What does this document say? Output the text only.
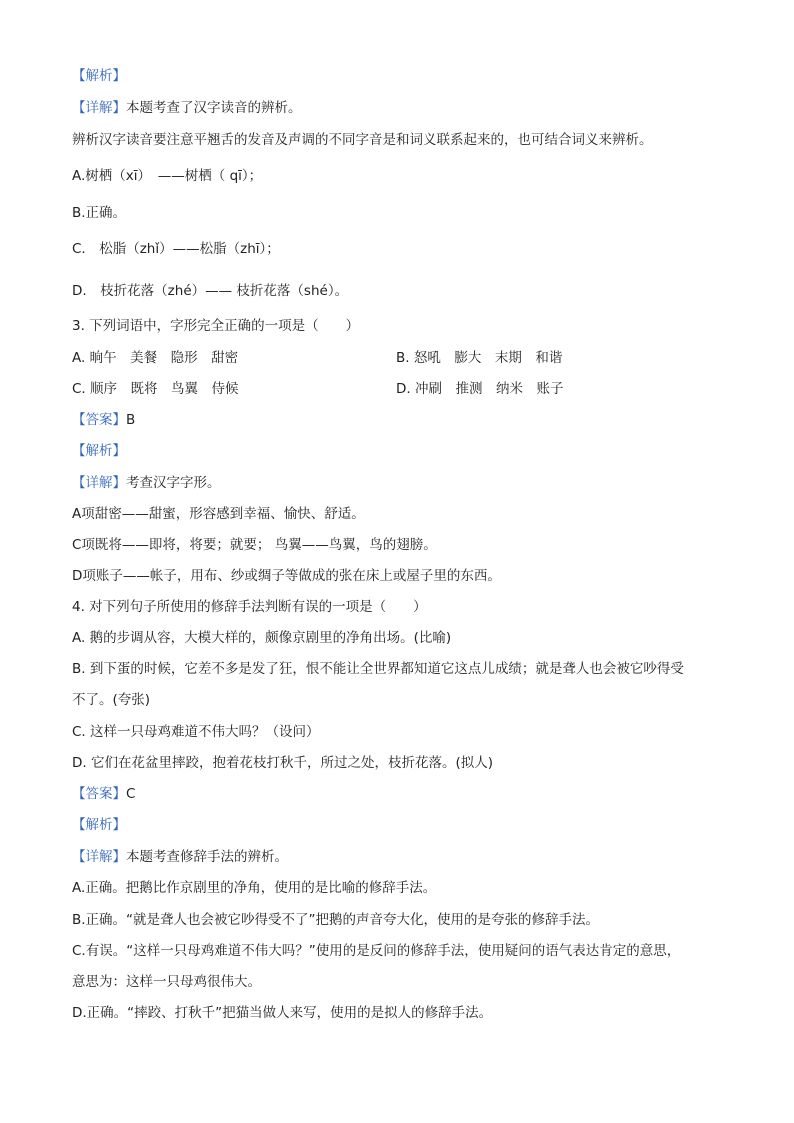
【解析】
【详解】本题考查了汉字读音的辨析。
辨析汉字读音要注意平翘舌的发音及声调的不同字音是和词义联系起来的，也可结合词义来辨析。
A.树栖（xī）　——树栖（ qī）；
B.正确。
C.　松脂（zhǐ）——松脂（zhī）；
D.　枝折花落（zhé）—— 枝折花落（shé）。
3. 下列词语中，字形完全正确的一项是（　　）
A. 晌午　美餐　隐形　甜密	B. 怒吼　膨大　末期　和谐
C. 顺序　既将　鸟翼　侍候	D. 冲刷　推测　纳米　账子
【答案】B
【解析】
【详解】考查汉字字形。
A项甜密——甜蜜，形容感到幸福、愉快、舒适。
C项既将——即将，将要；就要； 鸟翼——鸟翼，鸟的翅膀。
D项账子——帐子，用布、纱或绸子等做成的张在床上或屋子里的东西。
4. 对下列句子所使用的修辞手法判断有误的一项是（　　）
A. 鹅的步调从容，大模大样的，颇像京剧里的净角出场。(比喻)
B. 到下蛋的时候，它差不多是发了狂，恨不能让全世界都知道它这点儿成绩；就是聋人也会被它吵得受
不了。(夸张)
C. 这样一只母鸡难道不伟大吗？（设问）
D. 它们在花盆里摔跤，抱着花枝打秋千，所过之处，枝折花落。(拟人)
【答案】C
【解析】
【详解】本题考查修辞手法的辨析。
A.正确。把鹅比作京剧里的净角，使用的是比喻的修辞手法。
B.正确。“就是聋人也会被它吵得受不了”把鹅的声音夸大化，使用的是夸张的修辞手法。
C.有误。“这样一只母鸡难道不伟大吗？”使用的是反问的修辞手法，使用疑问的语气表达肯定的意思，
意思为：这样一只母鸡很伟大。
D.正确。“摔跤、打秋千”把猫当做人来写，使用的是拟人的修辞手法。
